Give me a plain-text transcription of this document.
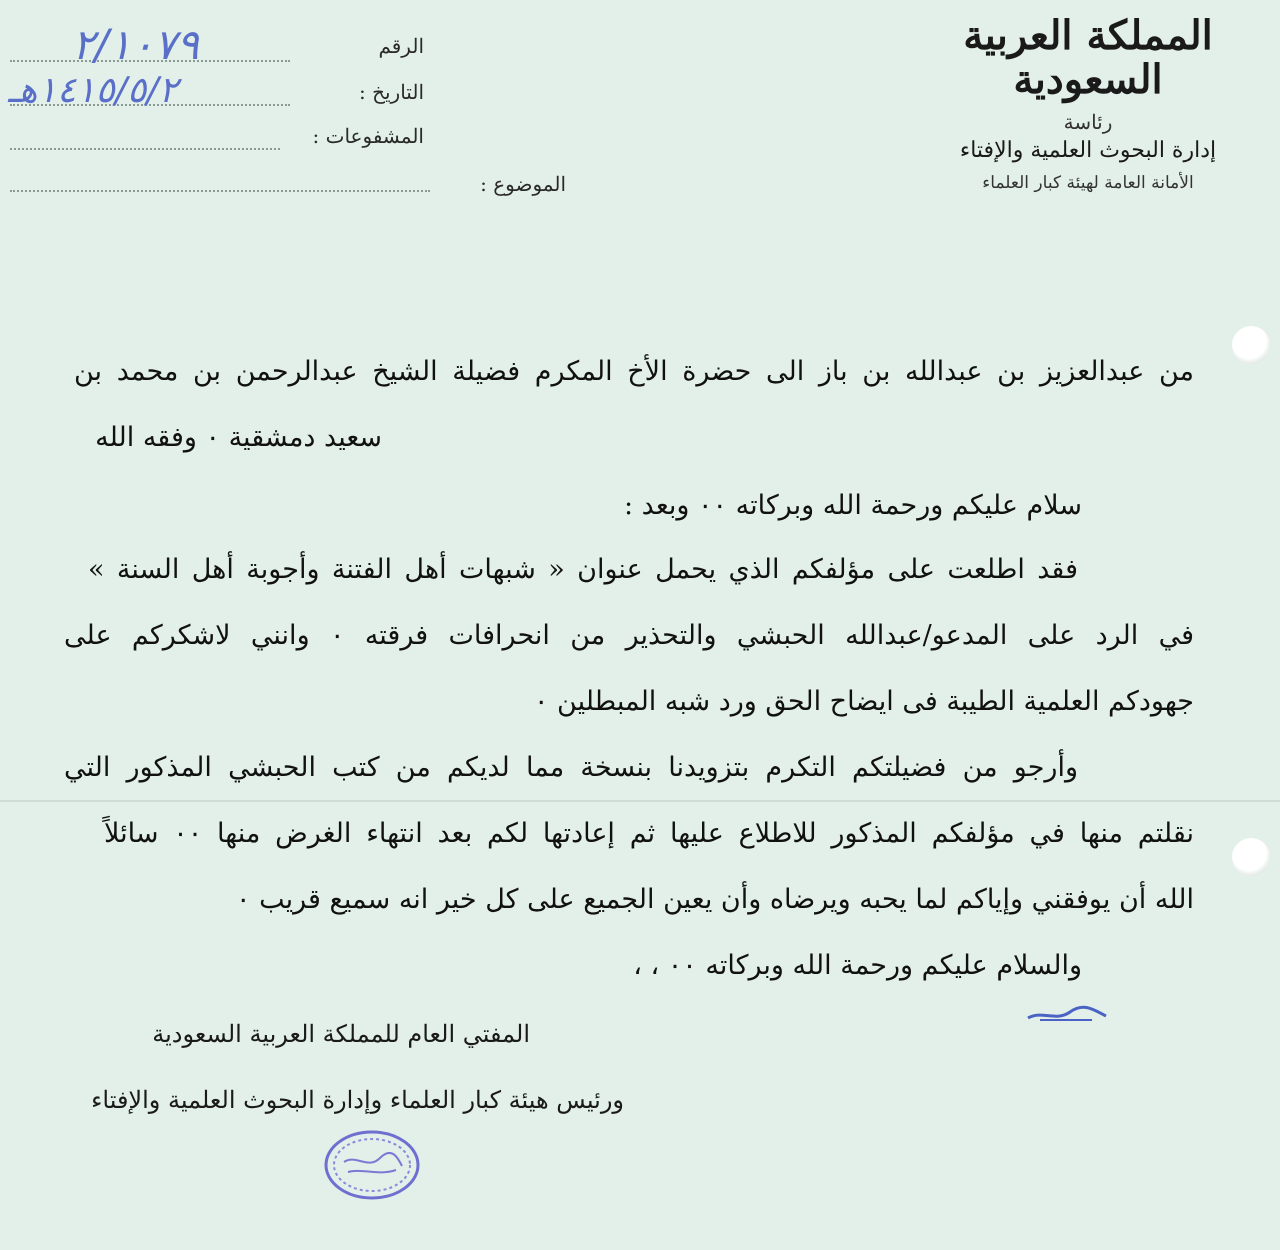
المملكة العربية السعودية
رئاسة
إدارة البحوث العلمية والإفتاء
الأمانة العامة لهيئة كبار العلماء
الرقم
التاريخ :
المشفوعات :
الموضوع :
٢/١٠٧٩
١٤١٥/٥/٢هـ
من عبدالعزيز بن عبدالله بن باز الى حضرة الأخ المكرم فضيلة الشيخ عبدالرحمن بن محمد بن
سعيد دمشقية ٠ وفقه الله
سلام عليكم ورحمة الله وبركاته ٠٠ وبعد :
فقد اطلعت على مؤلفكم الذي يحمل عنوان « شبهات أهل الفتنة وأجوبة أهل السنة »
في الرد على المدعو/عبدالله الحبشي والتحذير من انحرافات فرقته ٠ وانني لاشكركم على
جهودكم العلمية الطيبة فى ايضاح الحق ورد شبه المبطلين ٠
وأرجو من فضيلتكم التكرم بتزويدنا بنسخة مما لديكم من كتب الحبشي المذكور التي
نقلتم منها في مؤلفكم المذكور للاطلاع عليها ثم إعادتها لكم بعد انتهاء الغرض منها ٠٠ سائلاً
الله أن يوفقني وإياكم لما يحبه ويرضاه وأن يعين الجميع على كل خير انه سميع قريب ٠
والسلام عليكم ورحمة الله وبركاته ٠٠ ، ،
المفتي العام للمملكة العربية السعودية
ورئيس هيئة كبار العلماء وإدارة البحوث العلمية والإفتاء
